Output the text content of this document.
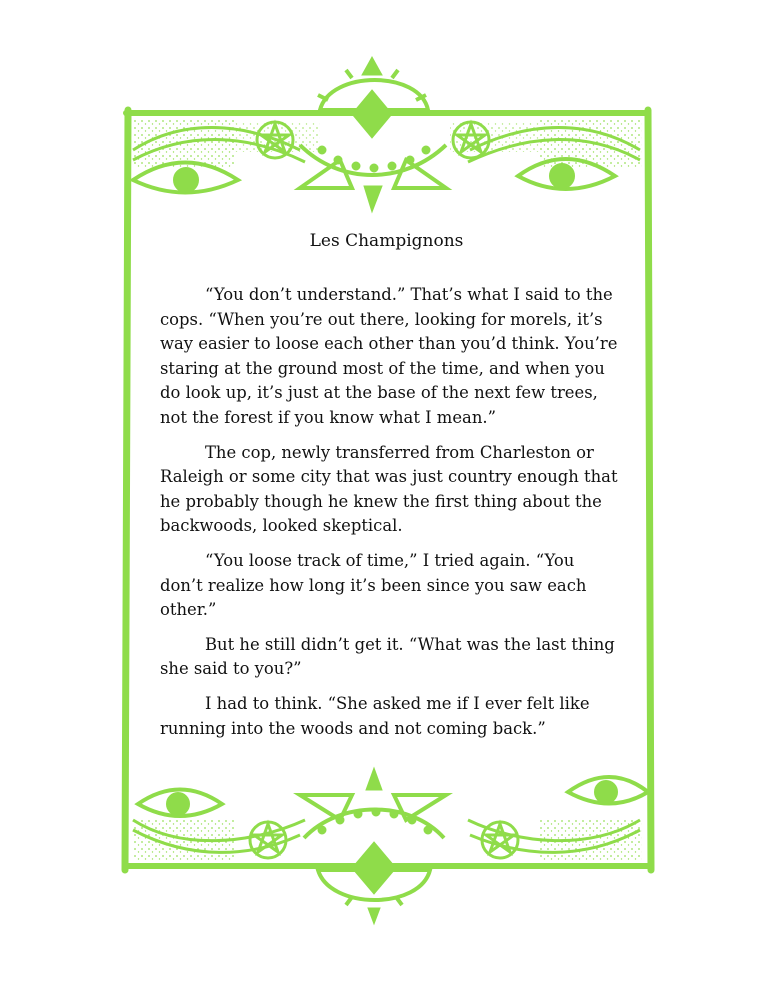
Les Champignons

“You don’t understand.” That’s what I said to the cops. “When you’re out there, looking for morels, it’s way easier to loose each other than you’d think. You’re staring at the ground most of the time, and when you do look up, it’s just at the base of the next few trees, not the forest if you know what I mean.”

The cop, newly transferred from Charleston or Raleigh or some city that was just country enough that he probably though he knew the first thing about the backwoods, looked skeptical.

“You loose track of time,” I tried again. “You don’t realize how long it’s been since you saw each other.”

But he still didn’t get it. “What was the last thing she said to you?”

I had to think. “She asked me if I ever felt like running into the woods and not coming back.”
